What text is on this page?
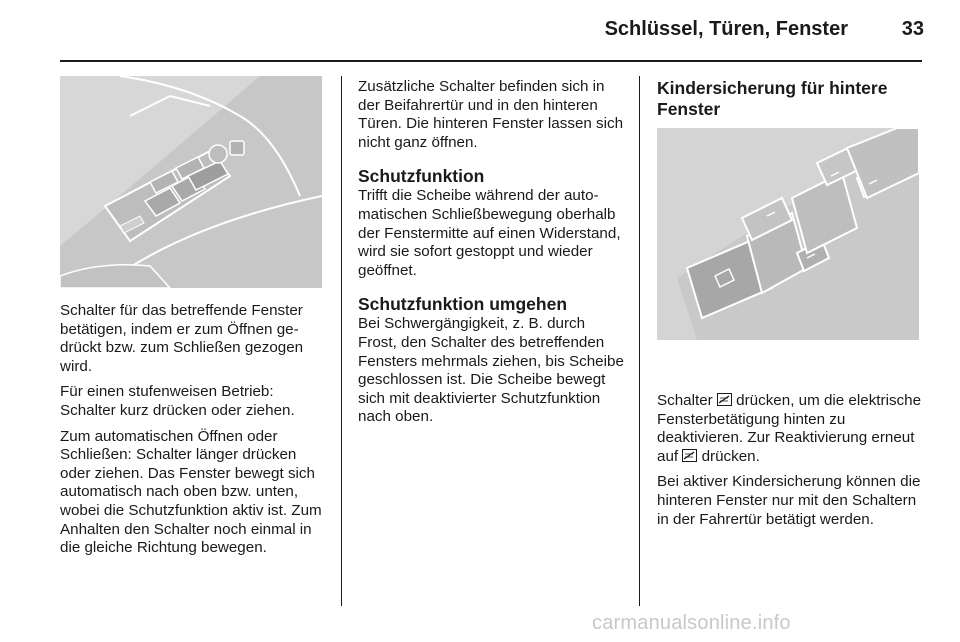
Schlüssel, Türen, Fenster	33

Schalter für das betreffende Fenster betätigen, indem er zum Öffnen gedrückt bzw. zum Schließen gezogen wird.

Für einen stufenweisen Betrieb: Schalter kurz drücken oder ziehen.

Zum automatischen Öffnen oder Schließen: Schalter länger drücken oder ziehen. Das Fenster bewegt sich automatisch nach oben bzw. unten, wobei die Schutzfunktion aktiv ist. Zum Anhalten den Schalter noch einmal in die gleiche Richtung bewegen.

Zusätzliche Schalter befinden sich in der Beifahrertür und in den hinteren Türen. Die hinteren Fenster lassen sich nicht ganz öffnen.

Schutzfunktion

Trifft die Scheibe während der automatischen Schließbewegung oberhalb der Fenstermitte auf einen Widerstand, wird sie sofort gestoppt und wieder geöffnet.

Schutzfunktion umgehen

Bei Schwergängigkeit, z. B. durch Frost, den Schalter des betreffenden Fensters mehrmals ziehen, bis Scheibe geschlossen ist. Die Scheibe bewegt sich mit deaktivierter Schutzfunktion nach oben.

Kindersicherung für hintere Fenster

Schalter  drücken, um die elektrische Fensterbetätigung hinten zu deaktivieren. Zur Reaktivierung erneut auf  drücken.

Bei aktiver Kindersicherung können die hinteren Fenster nur mit den Schaltern in der Fahrertür betätigt werden.

carmanualsonline.info
